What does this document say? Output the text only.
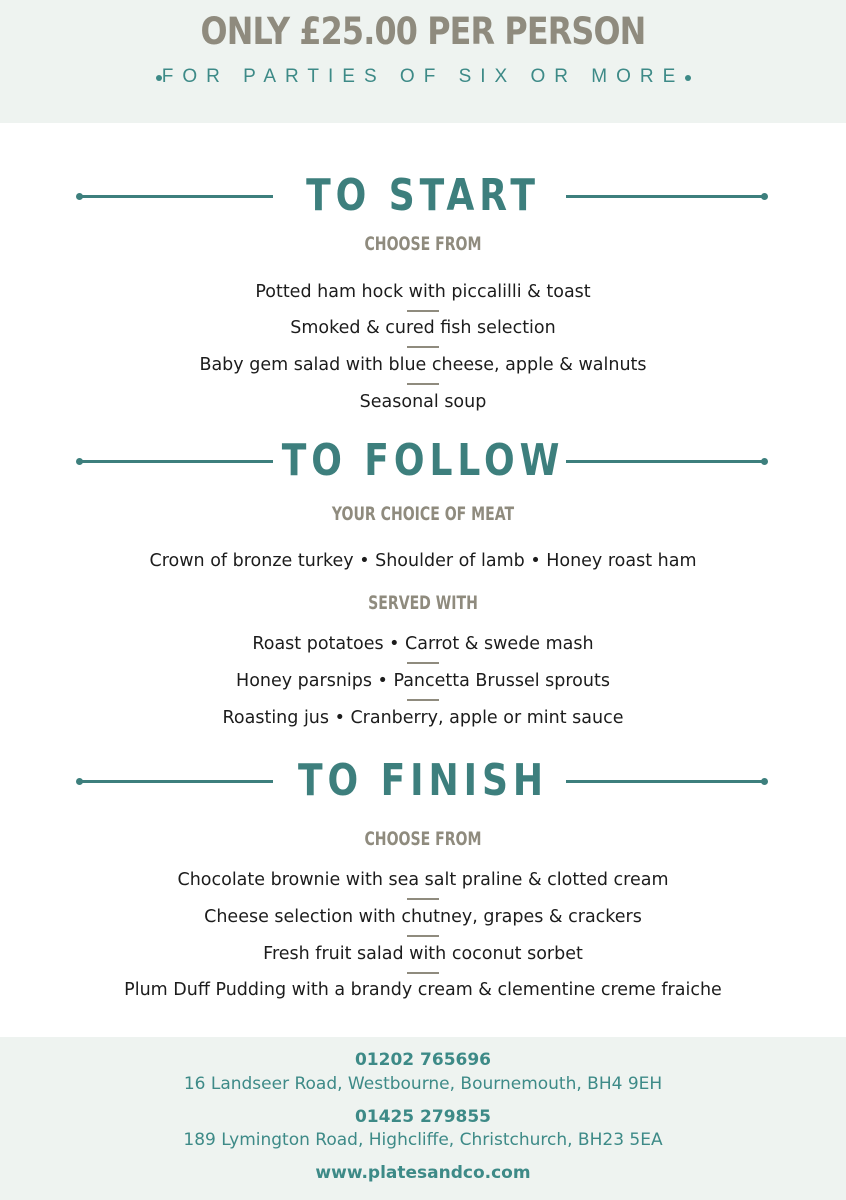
ONLY £25.00 PER PERSON
FOR PARTIES OF SIX OR MORE
TO START
CHOOSE FROM
Potted ham hock with piccalilli & toast
Smoked & cured fish selection
Baby gem salad with blue cheese, apple & walnuts
Seasonal soup
TO FOLLOW
YOUR CHOICE OF MEAT
Crown of bronze turkey • Shoulder of lamb • Honey roast ham
SERVED WITH
Roast potatoes • Carrot & swede mash
Honey parsnips • Pancetta Brussel sprouts
Roasting jus • Cranberry, apple or mint sauce
TO FINISH
CHOOSE FROM
Chocolate brownie with sea salt praline & clotted cream
Cheese selection with chutney, grapes & crackers
Fresh fruit salad with coconut sorbet
Plum Duff Pudding with a brandy cream & clementine creme fraiche
01202 765696
16 Landseer Road, Westbourne, Bournemouth, BH4 9EH
01425 279855
189 Lymington Road, Highcliffe, Christchurch, BH23 5EA
www.platesandco.com
